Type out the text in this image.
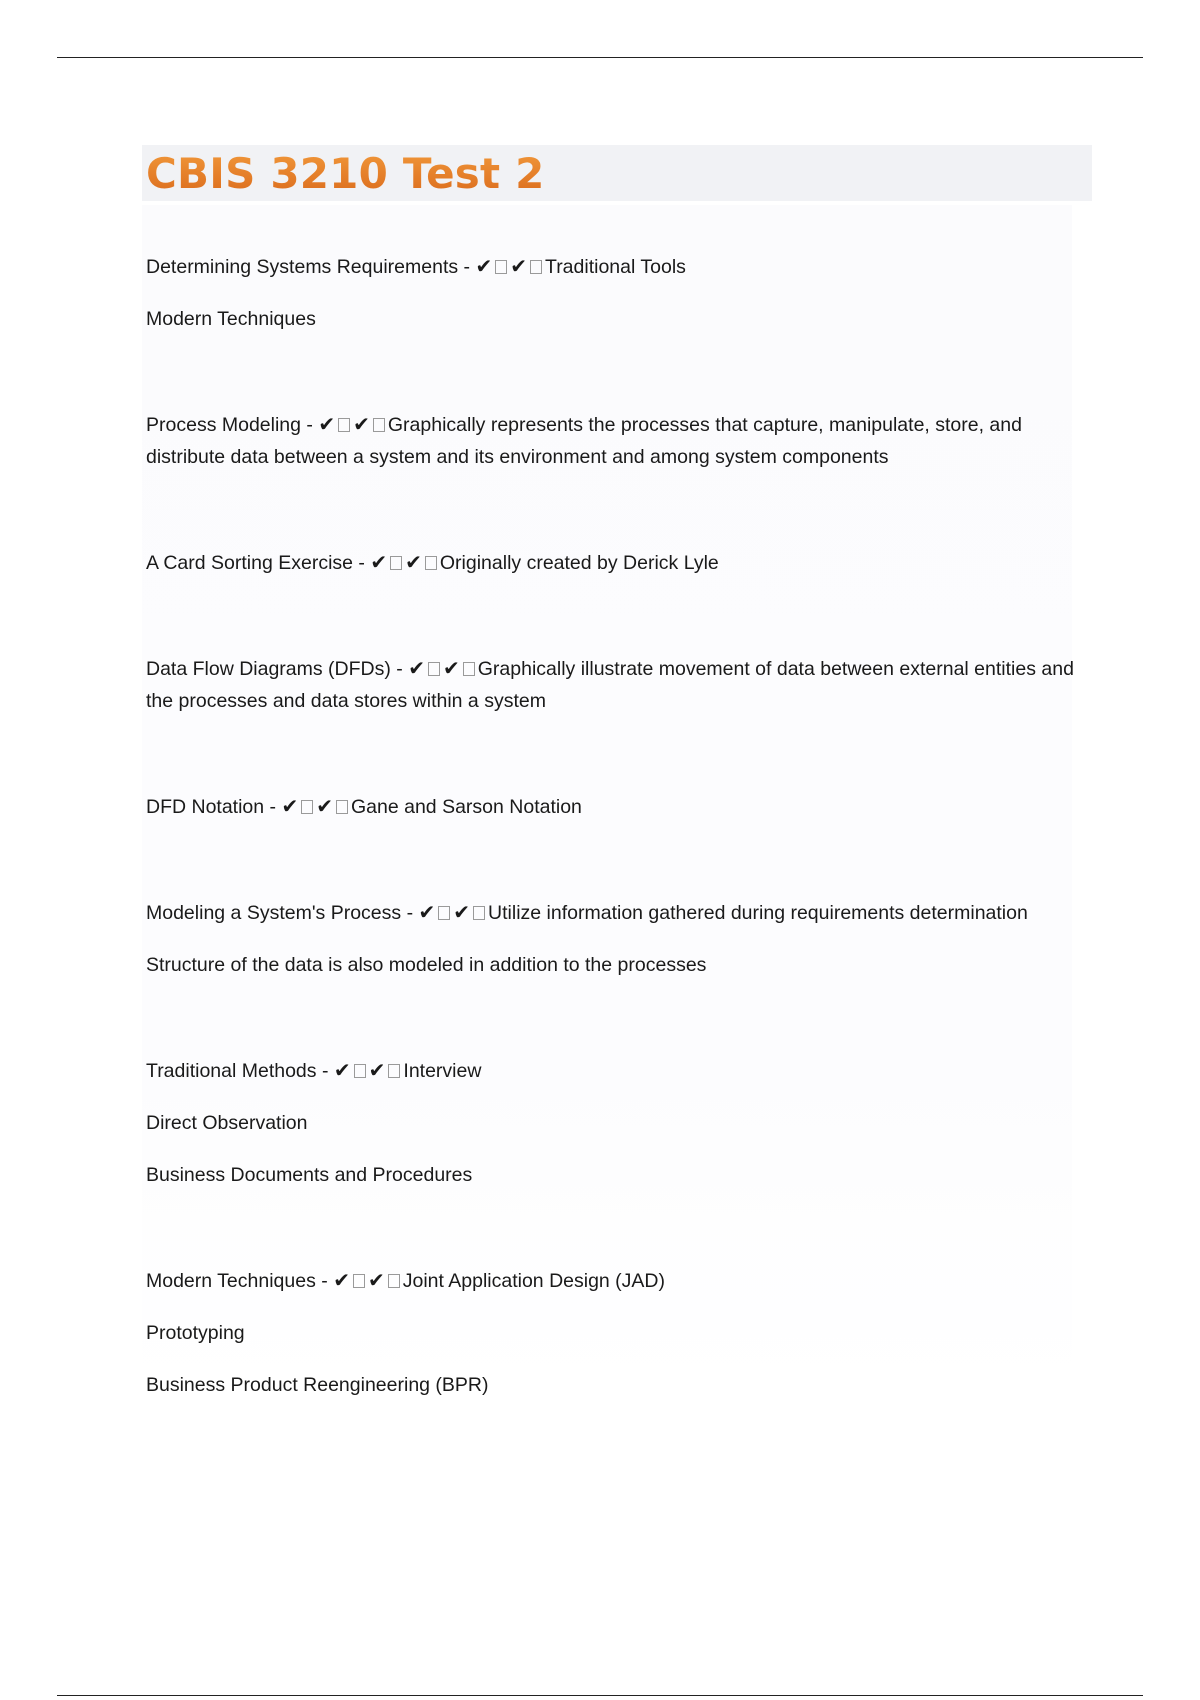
CBIS 3210 Test 2
Determining Systems Requirements - ✔ ✔ Traditional Tools
Modern Techniques
Process Modeling - ✔ ✔ Graphically represents the processes that capture, manipulate, store, and distribute data between a system and its environment and among system components
A Card Sorting Exercise - ✔ ✔ Originally created by Derick Lyle
Data Flow Diagrams (DFDs) - ✔ ✔ Graphically illustrate movement of data between external entities and the processes and data stores within a system
DFD Notation - ✔ ✔ Gane and Sarson Notation
Modeling a System's Process - ✔ ✔ Utilize information gathered during requirements determination
Structure of the data is also modeled in addition to the processes
Traditional Methods - ✔ ✔ Interview
Direct Observation
Business Documents and Procedures
Modern Techniques - ✔ ✔ Joint Application Design (JAD)
Prototyping
Business Product Reengineering (BPR)
